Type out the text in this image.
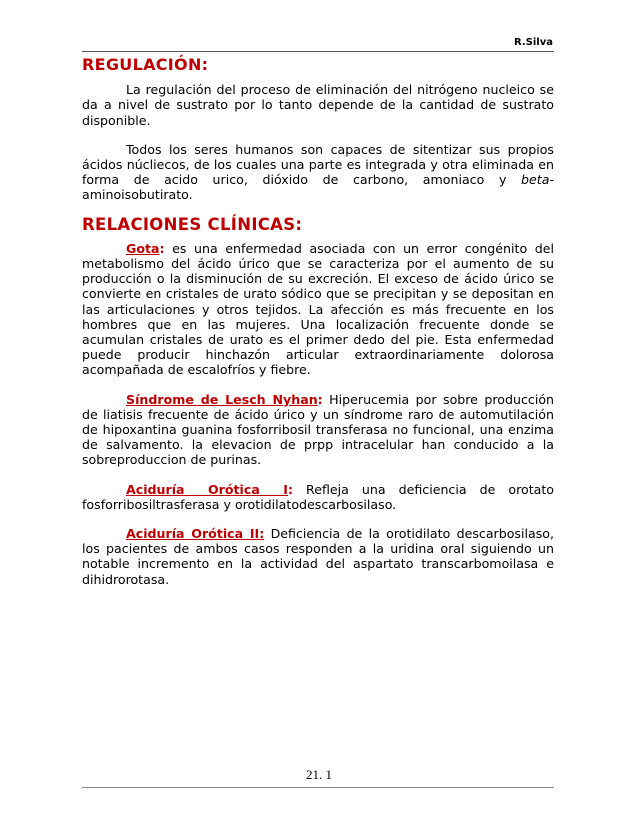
R.Silva
REGULACIÓN:

La regulación del proceso de eliminación del nitrógeno nucleico se da a nivel de sustrato por lo tanto depende de la cantidad de sustrato disponible.

Todos los seres humanos son capaces de sitentizar sus propios ácidos núcliecos, de los cuales una parte es integrada y otra eliminada en forma de acido urico, dióxido de carbono, amoniaco y beta-aminoisobutirato.

RELACIONES CLÍNICAS:

Gota: es una enfermedad asociada con un error congénito del metabolismo del ácido úrico que se caracteriza por el aumento de su producción o la disminución de su excreción. El exceso de ácido úrico se convierte en cristales de urato sódico que se precipitan y se depositan en las articulaciones y otros tejidos. La afección es más frecuente en los hombres que en las mujeres. Una localización frecuente donde se acumulan cristales de urato es el primer dedo del pie. Esta enfermedad puede producir hinchazón articular extraordinariamente dolorosa acompañada de escalofríos y fiebre.

Síndrome de Lesch Nyhan: Hiperucemia por sobre producción de liatisis frecuente de ácido úrico y un síndrome raro de automutilación de hipoxantina guanina fosforribosil transferasa no funcional, una enzima de salvamento. la elevacion de prpp intracelular han conducido a la sobreproduccion de purinas.

Aciduría Orótica I: Refleja una deficiencia de orotato fosforribosiltrasferasa y orotidilatodescarbosilaso.

Aciduría Orótica II: Deficiencia de la orotidilato descarbosilaso, los pacientes de ambos casos responden a la uridina oral siguiendo un notable incremento en la actividad del aspartato transcarbomoilasa e dihidrorotasa.

21. 1
